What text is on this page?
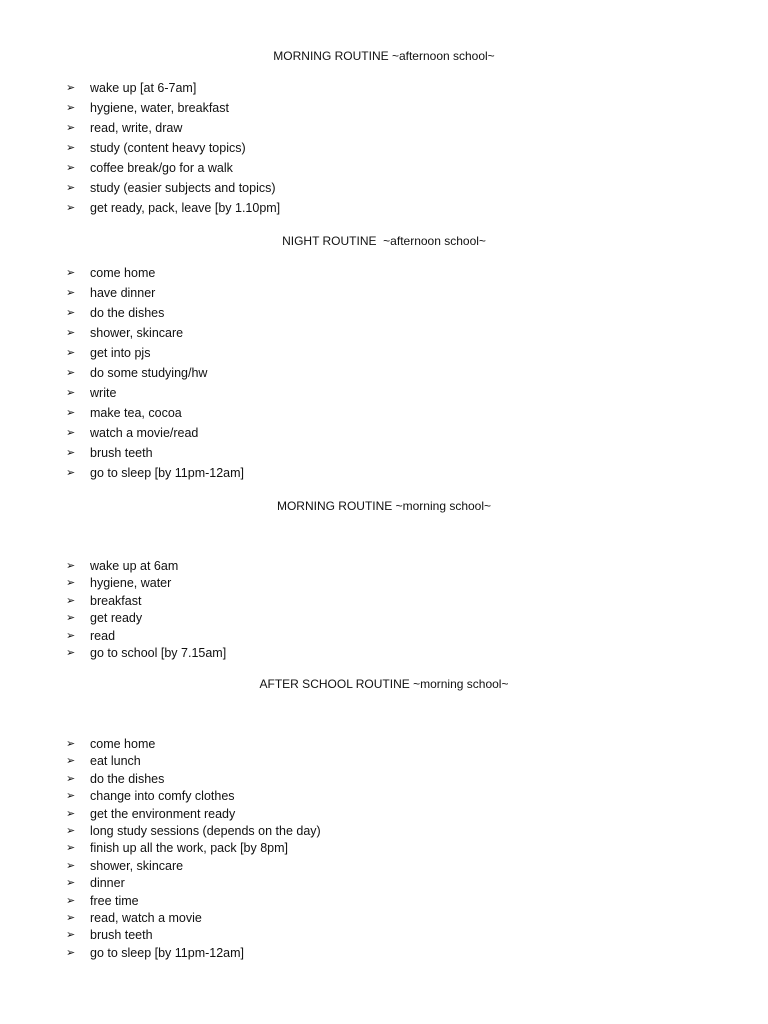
MORNING ROUTINE ~afternoon school~
➢	wake up [at 6-7am]
➢	hygiene, water, breakfast
➢	read, write, draw
➢	study (content heavy topics)
➢	coffee break/go for a walk
➢	study (easier subjects and topics)
➢	get ready, pack, leave [by 1.10pm]
NIGHT ROUTINE  ~afternoon school~
➢	come home
➢	have dinner
➢	do the dishes
➢	shower, skincare
➢	get into pjs
➢	do some studying/hw
➢	write
➢	make tea, cocoa
➢	watch a movie/read
➢	brush teeth
➢	go to sleep [by 11pm-12am]
MORNING ROUTINE ~morning school~
➢	wake up at 6am
➢	hygiene, water
➢	breakfast
➢	get ready
➢	read
➢	go to school [by 7.15am]
AFTER SCHOOL ROUTINE ~morning school~
➢	come home
➢	eat lunch
➢	do the dishes
➢	change into comfy clothes
➢	get the environment ready
➢	long study sessions (depends on the day)
➢	finish up all the work, pack [by 8pm]
➢	shower, skincare
➢	dinner
➢	free time
➢	read, watch a movie
➢	brush teeth
➢	go to sleep [by 11pm-12am]
